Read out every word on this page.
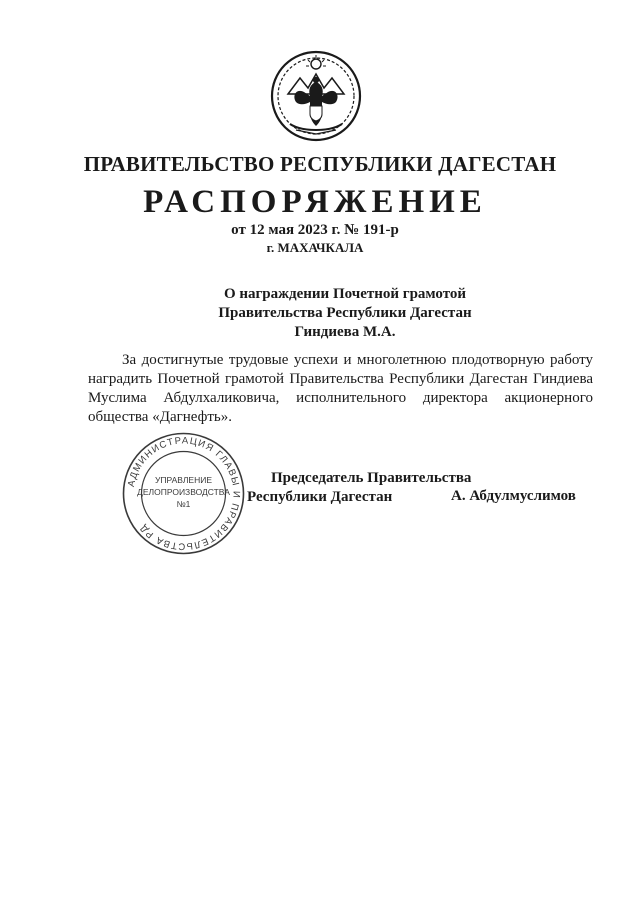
ПРАВИТЕЛЬСТВО РЕСПУБЛИКИ ДАГЕСТАН
РАСПОРЯЖЕНИЕ
от 12 мая 2023 г. № 191-р
г. МАХАЧКАЛА
О награждении Почетной грамотой
Правительства Республики Дагестан
Гиндиева М.А.
За достигнутые трудовые успехи и многолетнюю плодотворную работу наградить Почетной грамотой Правительства Республики Дагестан Гиндиева Муслима Абдулхаликовича, исполнительного директора акционерного общества «Дагнефть».
АДМИНИСТРАЦИЯ ГЛАВЫ И ПРАВИТЕЛЬСТВА РД
УПРАВЛЕНИЕ
ДЕЛОПРОИЗВОДСТВА
№1
Председатель Правительства
Республики Дагестан	А. Абдулмуслимов
